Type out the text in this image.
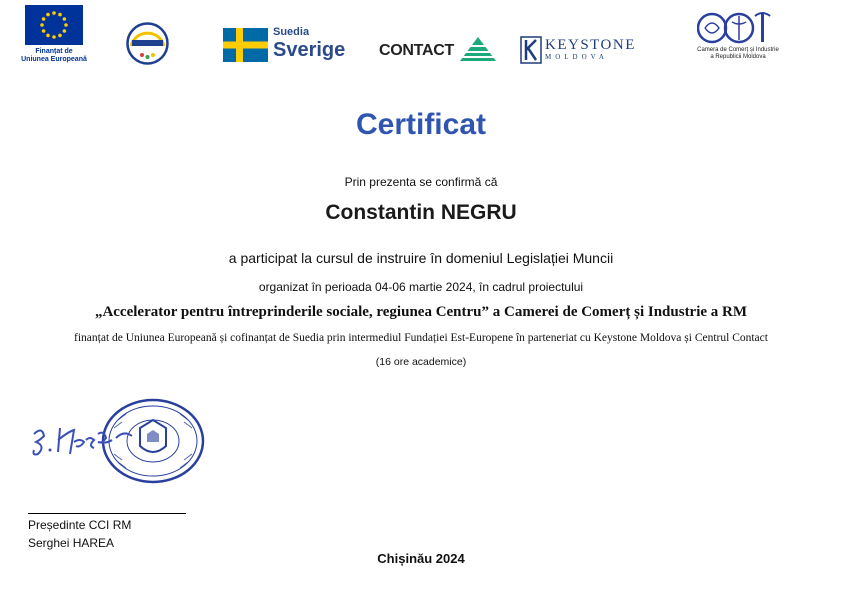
Finanțat de
Uniunea Europeană
Suedia
Sverige CONTACT	KEYSTONE
MOLDOVA
Camera de Comerț și Industrie
a Republicii Moldova
Certificat
Prin prezenta se confirmă că
Constantin NEGRU
a participat la cursul de instruire în domeniul Legislației Muncii
organizat în perioada 04-06 martie 2024, în cadrul proiectului
„Accelerator pentru întreprinderile sociale, regiunea Centru” a Camerei de Comerț și Industrie a RM
finanțat de Uniunea Europeană și cofinanțat de Suedia prin intermediul Fundației Est-Europene în parteneriat cu Keystone Moldova și Centrul Contact
(16 ore academice)
Președinte CCI RM
Serghei HAREA
Chișinău 2024
